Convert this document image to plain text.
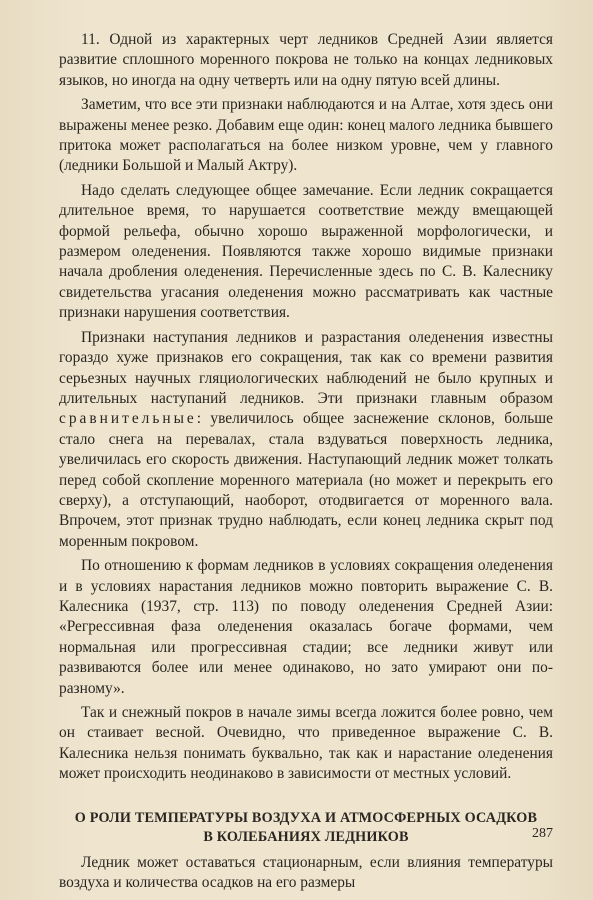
11. Одной из характерных черт ледников Средней Азии является развитие сплошного моренного покрова не только на концах ледниковых языков, но иногда на одну четверть или на одну пятую всей длины.

Заметим, что все эти признаки наблюдаются и на Алтае, хотя здесь они выражены менее резко. Добавим еще один: конец малого ледника бывшего притока может располагаться на более низком уровне, чем у главного (ледники Большой и Малый Актру).

Надо сделать следующее общее замечание. Если ледник сокращается длительное время, то нарушается соответствие между вмещающей формой рельефа, обычно хорошо выраженной морфологически, и размером оледенения. Появляются также хорошо видимые признаки начала дробления оледенения. Перечисленные здесь по С. В. Калеснику свидетельства угасания оледенения можно рассматривать как частные признаки нарушения соответствия.

Признаки наступания ледников и разрастания оледенения известны гораздо хуже признаков его сокращения, так как со времени развития серьезных научных гляциологических наблюдений не было крупных и длительных наступаний ледников. Эти признаки главным образом сравнительные: увеличилось общее заснежение склонов, больше стало снега на перевалах, стала вздуваться поверхность ледника, увеличилась его скорость движения. Наступающий ледник может толкать перед собой скопление моренного материала (но может и перекрыть его сверху), а отступающий, наоборот, отодвигается от моренного вала. Впрочем, этот признак трудно наблюдать, если конец ледника скрыт под моренным покровом.

По отношению к формам ледников в условиях сокращения оледенения и в условиях нарастания ледников можно повторить выражение С. В. Калесника (1937, стр. 113) по поводу оледенения Средней Азии: «Регрессивная фаза оледенения оказалась богаче формами, чем нормальная или прогрессивная стадии; все ледники живут или развиваются более или менее одинаково, но зато умирают они по-разному».

Так и снежный покров в начале зимы всегда ложится более ровно, чем он стаивает весной. Очевидно, что приведенное выражение С. В. Калесника нельзя понимать буквально, так как и нарастание оледенения может происходить неодинаково в зависимости от местных условий.

О РОЛИ ТЕМПЕРАТУРЫ ВОЗДУХА И АТМОСФЕРНЫХ ОСАДКОВ
В КОЛЕБАНИЯХ ЛЕДНИКОВ

Ледник может оставаться стационарным, если влияния температуры воздуха и количества осадков на его размеры

287
